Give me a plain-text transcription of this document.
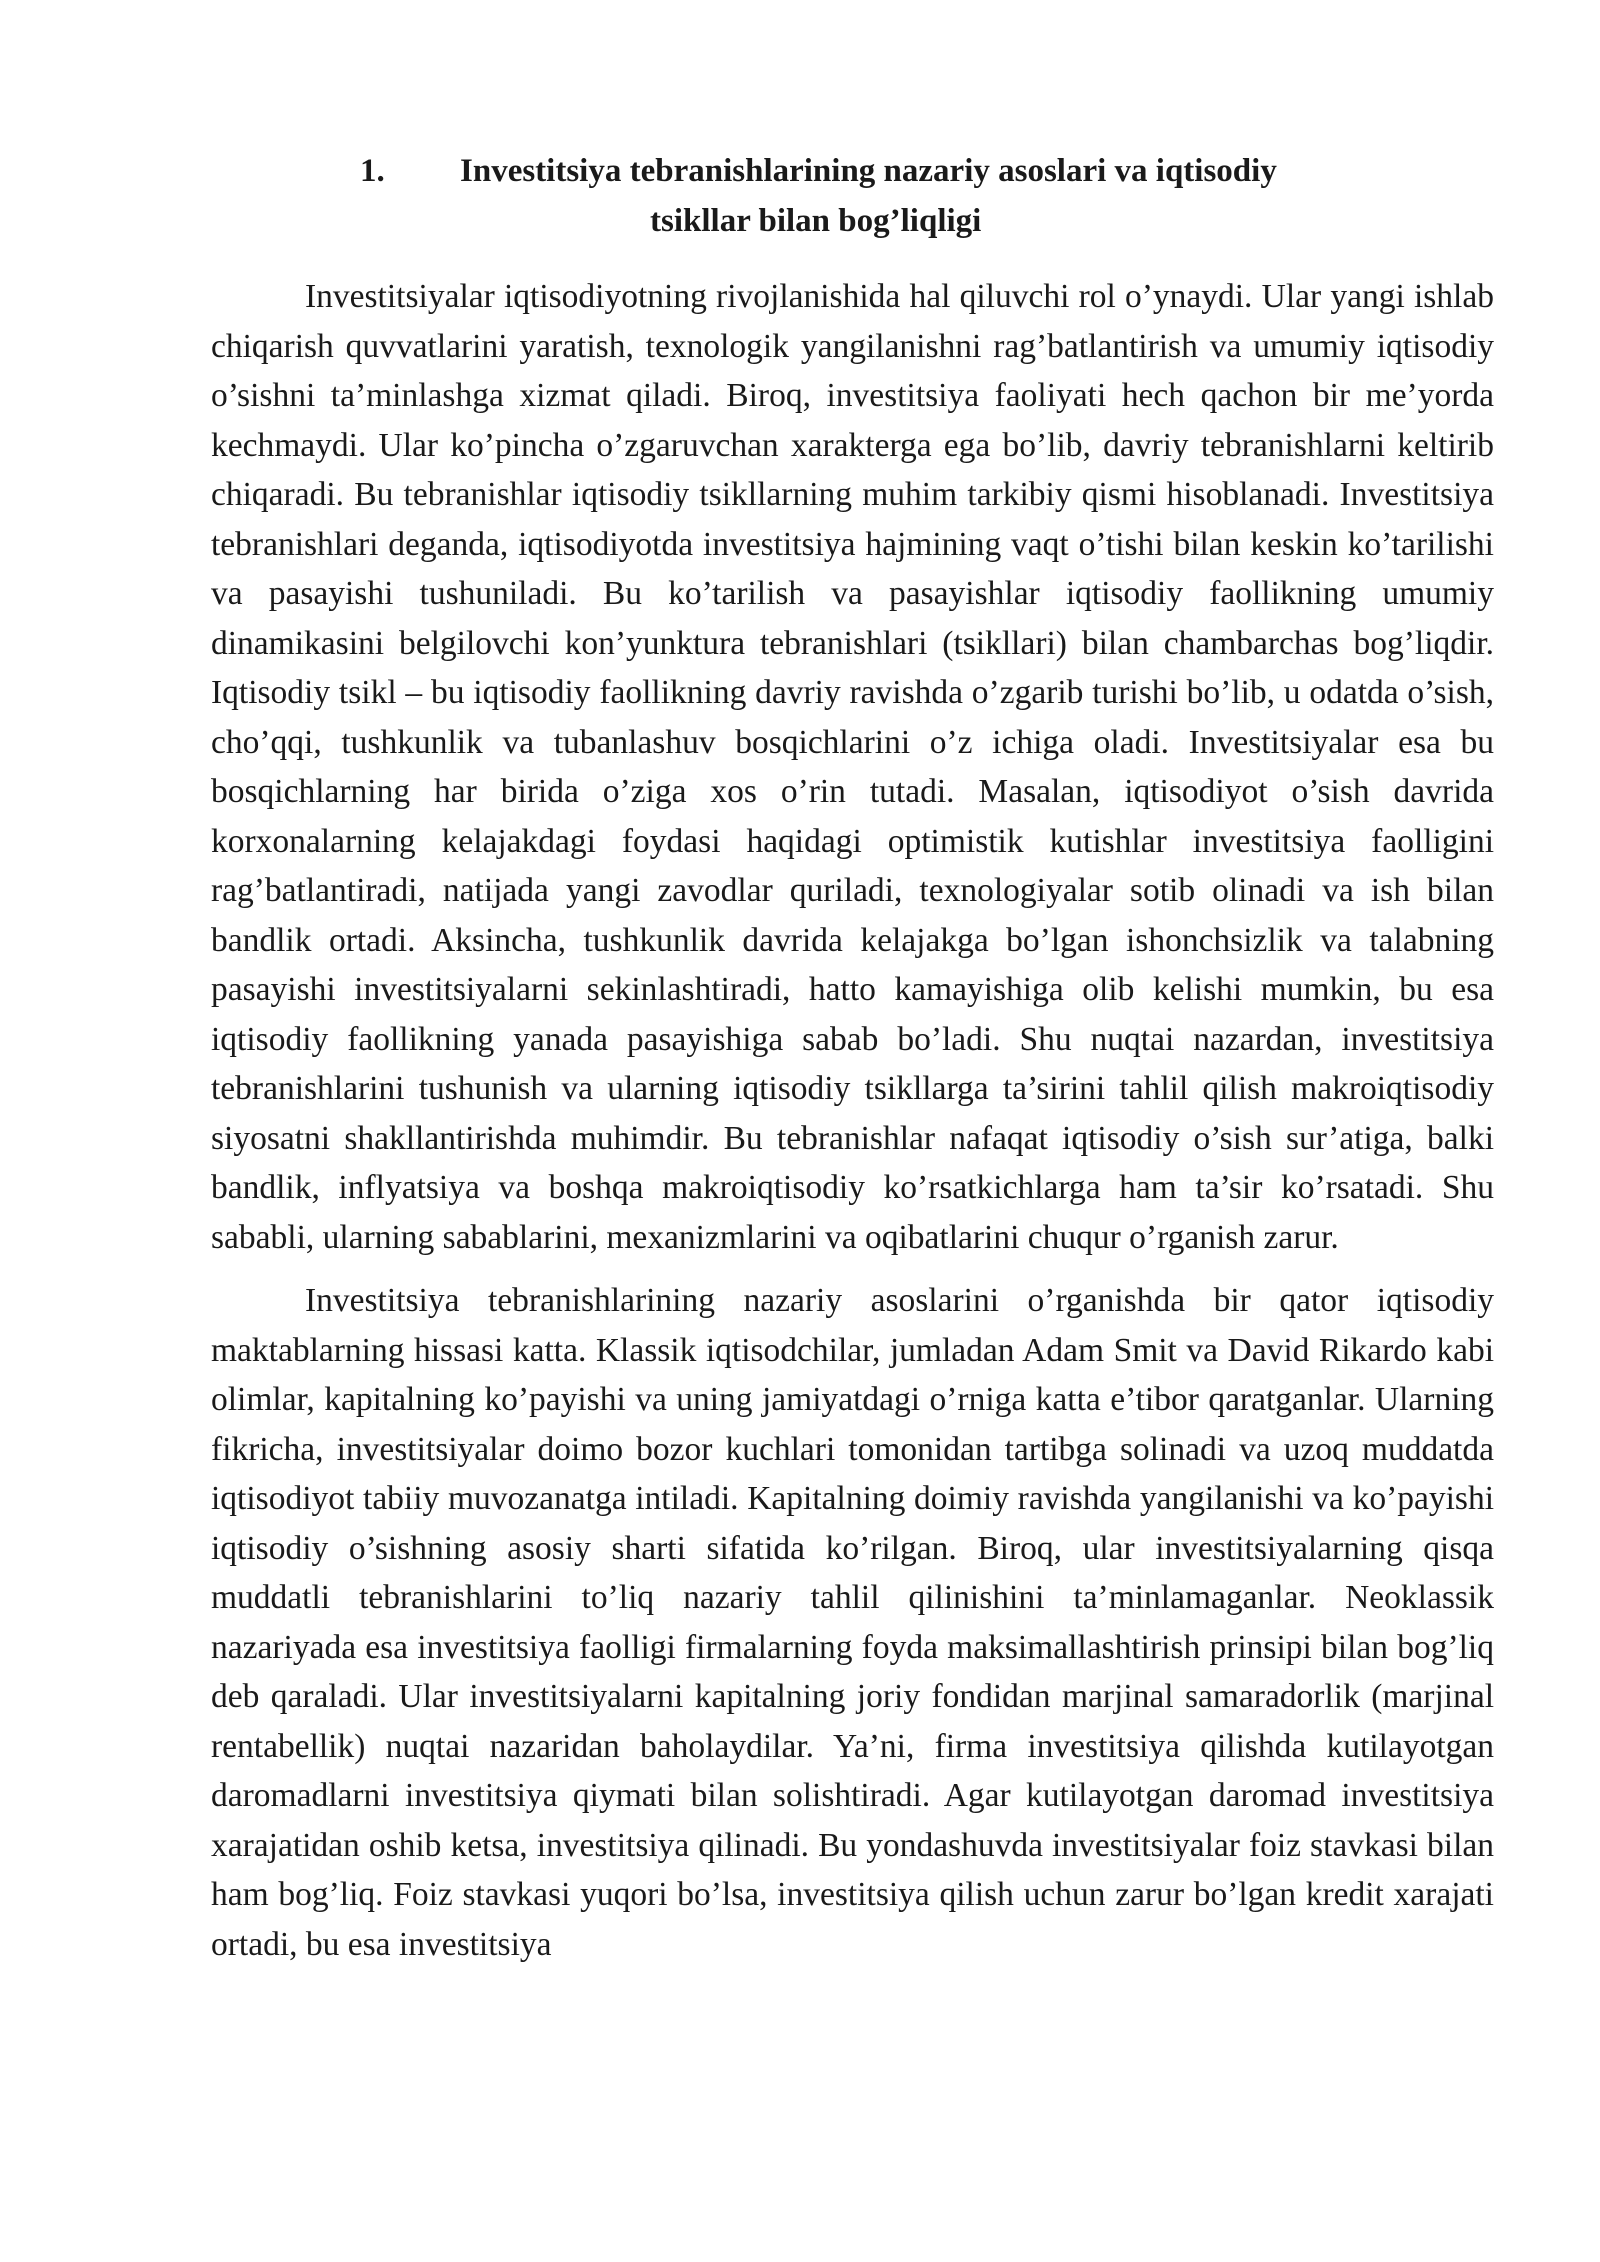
1.	Investitsiya tebranishlarining nazariy asoslari va iqtisodiy
tsikllar bilan bog’liqligi

Investitsiyalar iqtisodiyotning rivojlanishida hal qiluvchi rol o’ynaydi. Ular yangi ishlab chiqarish quvvatlarini yaratish, texnologik yangilanishni rag’batlantirish va umumiy iqtisodiy o’sishni ta’minlashga xizmat qiladi. Biroq, investitsiya faoliyati hech qachon bir me’yorda kechmaydi. Ular ko’pincha o’zgaruvchan xarakterga ega bo’lib, davriy tebranishlarni keltirib chiqaradi. Bu tebranishlar iqtisodiy tsikllarning muhim tarkibiy qismi hisoblanadi. Investitsiya tebranishlari deganda, iqtisodiyotda investitsiya hajmining vaqt o’tishi bilan keskin ko’tarilishi va pasayishi tushuniladi. Bu ko’tarilish va pasayishlar iqtisodiy faollikning umumiy dinamikasini belgilovchi kon’yunktura tebranishlari (tsikllari) bilan chambarchas bog’liqdir. Iqtisodiy tsikl – bu iqtisodiy faollikning davriy ravishda o’zgarib turishi bo’lib, u odatda o’sish, cho’qqi, tushkunlik va tubanlashuv bosqichlarini o’z ichiga oladi. Investitsiyalar esa bu bosqichlarning har birida o’ziga xos o’rin tutadi. Masalan, iqtisodiyot o’sish davrida korxonalarning kelajakdagi foydasi haqidagi optimistik kutishlar investitsiya faolligini rag’batlantiradi, natijada yangi zavodlar quriladi, texnologiyalar sotib olinadi va ish bilan bandlik ortadi. Aksincha, tushkunlik davrida kelajakga bo’lgan ishonchsizlik va talabning pasayishi investitsiyalarni sekinlashtiradi, hatto kamayishiga olib kelishi mumkin, bu esa iqtisodiy faollikning yanada pasayishiga sabab bo’ladi. Shu nuqtai nazardan, investitsiya tebranishlarini tushunish va ularning iqtisodiy tsikllarga ta’sirini tahlil qilish makroiqtisodiy siyosatni shakllantirishda muhimdir. Bu tebranishlar nafaqat iqtisodiy o’sish sur’atiga, balki bandlik, inflyatsiya va boshqa makroiqtisodiy ko’rsatkichlarga ham ta’sir ko’rsatadi. Shu sababli, ularning sabablarini, mexanizmlarini va oqibatlarini chuqur o’rganish zarur.

Investitsiya tebranishlarining nazariy asoslarini o’rganishda bir qator iqtisodiy maktablarning hissasi katta. Klassik iqtisodchilar, jumladan Adam Smit va David Rikardo kabi olimlar, kapitalning ko’payishi va uning jamiyatdagi o’rniga katta e’tibor qaratganlar. Ularning fikricha, investitsiyalar doimo bozor kuchlari tomonidan tartibga solinadi va uzoq muddatda iqtisodiyot tabiiy muvozanatga intiladi. Kapitalning doimiy ravishda yangilanishi va ko’payishi iqtisodiy o’sishning asosiy sharti sifatida ko’rilgan. Biroq, ular investitsiyalarning qisqa muddatli tebranishlarini to’liq nazariy tahlil qilinishini ta’minlamaganlar. Neoklassik nazariyada esa investitsiya faolligi firmalarning foyda maksimallashtirish prinsipi bilan bog’liq deb qaraladi. Ular investitsiyalarni kapitalning joriy fondidan marjinal samaradorlik (marjinal rentabellik) nuqtai nazaridan baholaydilar. Ya’ni, firma investitsiya qilishda kutilayotgan daromadlarni investitsiya qiymati bilan solishtiradi. Agar kutilayotgan daromad investitsiya xarajatidan oshib ketsa, investitsiya qilinadi. Bu yondashuvda investitsiyalar foiz stavkasi bilan ham bog’liq. Foiz stavkasi yuqori bo’lsa, investitsiya qilish uchun zarur bo’lgan kredit xarajati ortadi, bu esa investitsiya
